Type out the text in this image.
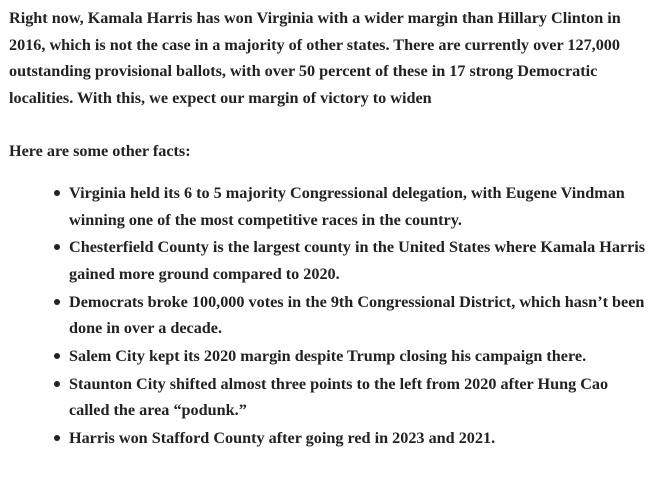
Right now, Kamala Harris has won Virginia with a wider margin than Hillary Clinton in 2016, which is not the case in a majority of other states. There are currently over 127,000 outstanding provisional ballots, with over 50 percent of these in 17 strong Democratic localities. With this, we expect our margin of victory to widen

Here are some other facts:

Virginia held its 6 to 5 majority Congressional delegation, with Eugene Vindman winning one of the most competitive races in the country.
Chesterfield County is the largest county in the United States where Kamala Harris gained more ground compared to 2020.
Democrats broke 100,000 votes in the 9th Congressional District, which hasn’t been done in over a decade.
Salem City kept its 2020 margin despite Trump closing his campaign there.
Staunton City shifted almost three points to the left from 2020 after Hung Cao called the area “podunk.”
Harris won Stafford County after going red in 2023 and 2021.
